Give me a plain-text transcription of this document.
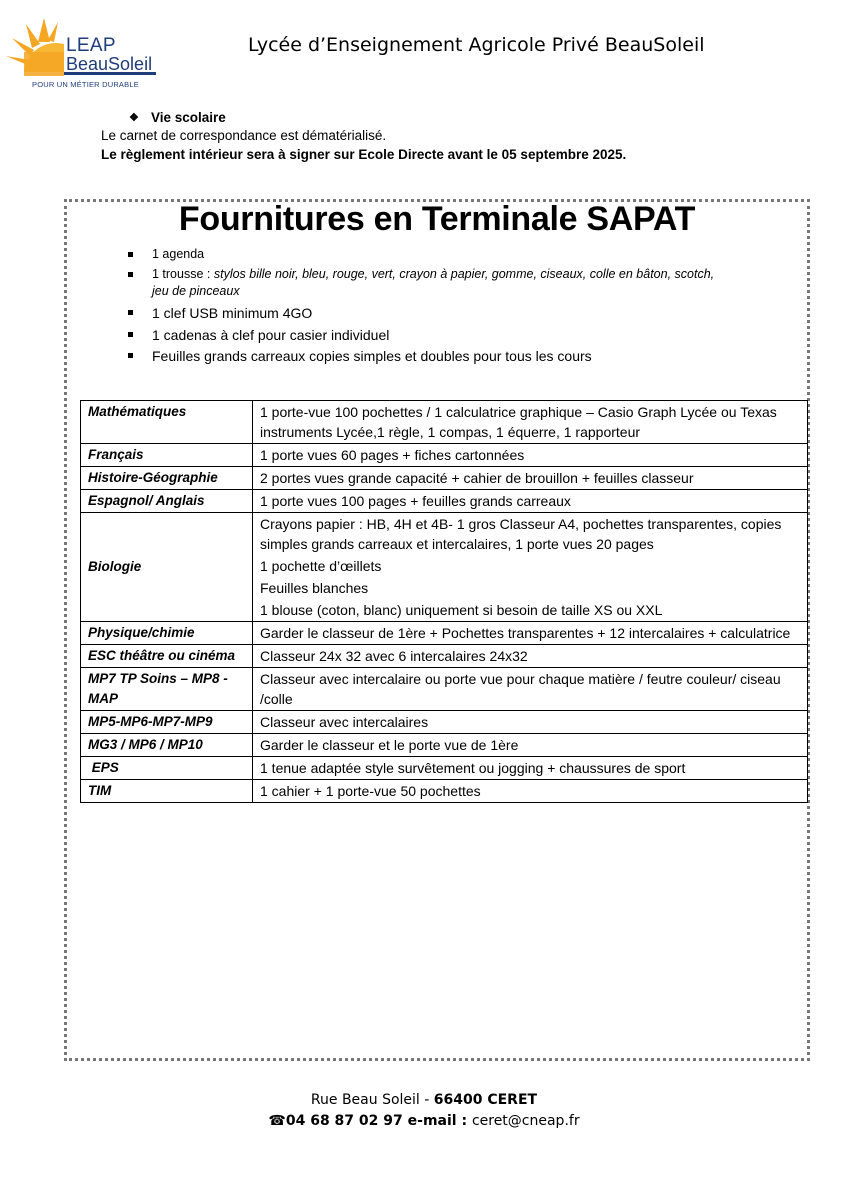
LEAP
BeauSoleil
POUR UN MÉTIER DURABLE
Lycée d’Enseignement Agricole Privé BeauSoleil
❖ Vie scolaire
Le carnet de correspondance est dématérialisé.
Le règlement intérieur sera à signer sur Ecole Directe avant le 05 septembre 2025.
Fournitures en Terminale SAPAT
1 agenda
1 trousse : stylos bille noir, bleu, rouge, vert, crayon à papier, gomme, ciseaux, colle en bâton, scotch,
jeu de pinceaux
1 clef USB minimum 4GO
1 cadenas à clef pour casier individuel
Feuilles grands carreaux copies simples et doubles pour tous les cours
Mathématiques	1 porte-vue 100 pochettes / 1 calculatrice graphique – Casio Graph Lycée ou Texas instruments Lycée,1 règle, 1 compas, 1 équerre, 1 rapporteur

Français	1 porte vues 60 pages + fiches cartonnées

Histoire-Géographie	2 portes vues grande capacité + cahier de brouillon + feuilles classeur

Espagnol/ Anglais	1 porte vues 100 pages + feuilles grands carreaux

Biologie	Crayons papier : HB, 4H et 4B- 1 gros Classeur A4, pochettes transparentes, copies simples grands carreaux et intercalaires, 1 porte vues 20 pages
1 pochette d’œillets
Feuilles blanches
1 blouse (coton, blanc) uniquement si besoin de taille XS ou XXL

Physique/chimie	Garder le classeur de 1ère + Pochettes transparentes + 12 intercalaires + calculatrice

ESC théâtre ou cinéma	Classeur 24x 32 avec 6 intercalaires 24x32

MP7 TP Soins – MP8 - MAP	Classeur avec intercalaire ou porte vue pour chaque matière / feutre couleur/ ciseau /colle

MP5-MP6-MP7-MP9	Classeur avec intercalaires

MG3 / MP6 / MP10	Garder le classeur et le porte vue de 1ère

EPS	1 tenue adaptée style survêtement ou jogging + chaussures de sport

TIM	1 cahier + 1 porte-vue 50 pochettes
Rue Beau Soleil - 66400 CERET
☎04 68 87 02 97 e-mail : ceret@cneap.fr
